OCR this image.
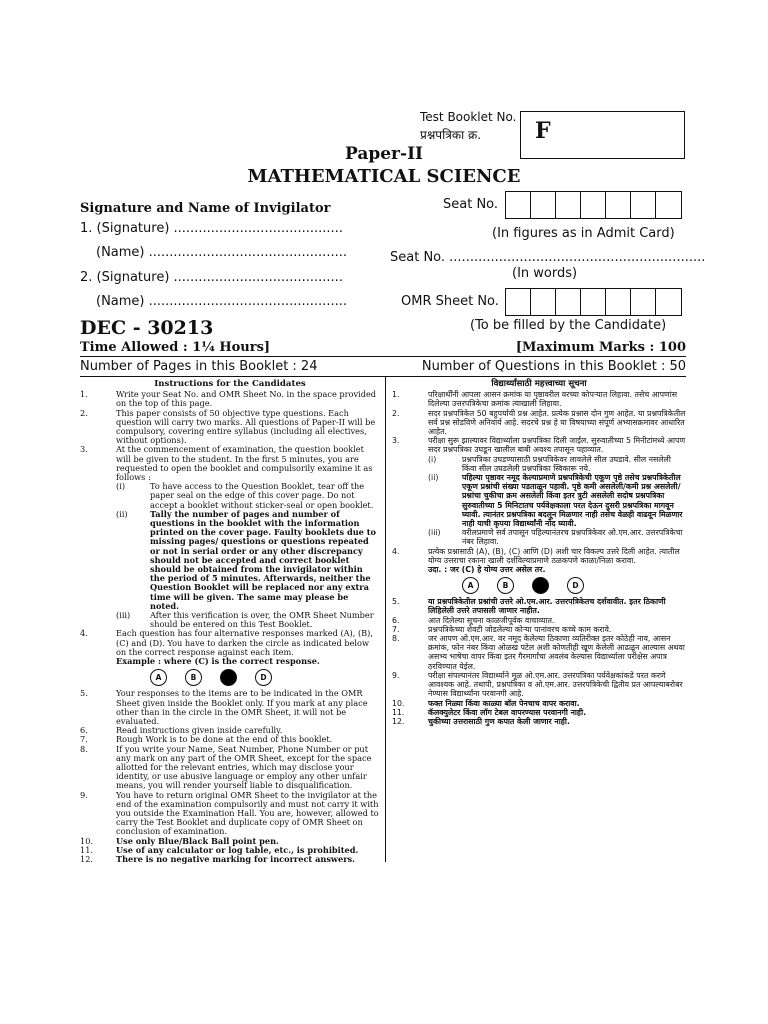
Test Booklet No.
प्रश्नपत्रिका क्र.	F
Paper-II
MATHEMATICAL SCIENCE
Signature and Name of Invigilator
1. (Signature) .........................................
(Name) ................................................
2. (Signature) .........................................
(Name) ................................................
Seat No.
(In figures as in Admit Card)
Seat No. ..............................................................
(In words)
OMR Sheet No.
(To be filled by the Candidate)
DEC - 30213
Time Allowed : 1¼ Hours]	[Maximum Marks : 100
Number of Pages in this Booklet : 24	Number of Questions in this Booklet : 50
Instructions for the Candidates
1.	Write your Seat No. and OMR Sheet No. in the space provided on the top of this page.
2.	This paper consists of 50 objective type questions. Each question will carry two marks. All questions of Paper-II will be compulsory, covering entire syllabus (including all electives, without options).
3.	At the commencement of examination, the question booklet will be given to the student. In the first 5 minutes, you are requested to open the booklet and compulsorily examine it as follows :
(i)	To have access to the Question Booklet, tear off the paper seal on the edge of this cover page. Do not accept a booklet without sticker-seal or open booklet.
(ii)	Tally the number of pages and number of questions in the booklet with the information printed on the cover page. Faulty booklets due to missing pages/ questions or questions repeated or not in serial order or any other discrepancy should not be accepted and correct booklet should be obtained from the invigilator within the period of 5 minutes. Afterwards, neither the Question Booklet will be replaced nor any extra time will be given. The same may please be noted.
(iii)	After this verification is over, the OMR Sheet Number should be entered on this Test Booklet.
4.	Each question has four alternative responses marked (A), (B), (C) and (D). You have to darken the circle as indicated below on the correct response against each item.
Example : where (C) is the correct response.
A	B	C	D
5.	Your responses to the items are to be indicated in the OMR Sheet given inside the Booklet only. If you mark at any place other than in the circle in the OMR Sheet, it will not be evaluated.
6.	Read instructions given inside carefully.
7.	Rough Work is to be done at the end of this booklet.
8.	If you write your Name, Seat Number, Phone Number or put any mark on any part of the OMR Sheet, except for the space allotted for the relevant entries, which may disclose your identity, or use abusive language or employ any other unfair means, you will render yourself liable to disqualification.
9.	You have to return original OMR Sheet to the invigilator at the end of the examination compulsorily and must not carry it with you outside the Examination Hall. You are, however, allowed to carry the Test Booklet and duplicate copy of OMR Sheet on conclusion of examination.
10.	Use only Blue/Black Ball point pen.
11.	Use of any calculator or log table, etc., is prohibited.
12.	There is no negative marking for incorrect answers.
विद्यार्थ्यांसाठी महत्त्वाच्या सूचना
1.	परिक्षार्थींनी आपला आसन क्रमांक या पृष्ठावरील वरच्या कोपऱ्यात लिहावा. तसेच आपणांस दिलेल्या उत्तरपत्रिकेचा क्रमांक त्याखाली लिहावा.
2.	सदर प्रश्नपत्रिकेत 50 बहुपर्यायी प्रश्न आहेत. प्रत्येक प्रश्नास दोन गुण आहेत. या प्रश्नपत्रिकेतील सर्व प्रश्न सोडविणे अनिवार्य आहे. सदरचे प्रश्न हे या विषयाच्या संपूर्ण अभ्यासक्रमावर आधारित आहेत.
3.	परीक्षा सुरू झाल्यावर विद्यार्थ्याला प्रश्नपत्रिका दिली जाईल. सुरुवातीच्या 5 मिनीटांमध्ये आपण सदर प्रश्नपत्रिका उघडून खालील बाबी अवश्य तपासून पहाव्यात.
(i)	प्रश्नपत्रिका उघडण्यासाठी प्रश्नपत्रिकेवर लावलेले सील उघडावे. सील नसलेली किंवा सील उघडलेली प्रश्नपत्रिका स्विकारू नये.
(ii)	पहिल्या पृष्ठावर नमूद केल्याप्रमाणे प्रश्नपत्रिकेची एकूण पृष्ठे तसेच प्रश्नपत्रिकेतील एकूण प्रश्नांची संख्या पडताळून पहावी. पृष्ठे कमी असलेली/कमी प्रश्न असलेली/प्रश्नांचा चुकीचा क्रम असलेली किंवा इतर त्रुटी असलेली सदोष प्रश्नपत्रिका सुरुवातीच्या 5 मिनिटातच पर्यवेक्षकाला परत देऊन दुसरी प्रश्नपत्रिका मागवून घ्यावी. त्यानंतर प्रश्नपत्रिका बदलून मिळणार नाही तसेच वेळही वाढवून मिळणार नाही याची कृपया विद्यार्थ्यांनी नोंद घ्यावी.
(iii)	वरीलप्रमाणे सर्व तपासून पहिल्यानंतरच प्रश्नपत्रिकेवर ओ.एम.आर. उत्तरपत्रिकेचा नंबर लिहावा.
4.	प्रत्येक प्रश्नासाठी (A), (B), (C) आणि (D) अशी चार विकल्प उत्तरे दिली आहेत. त्यातील योग्य उत्तराचा रकाना खाली दर्शविल्याप्रमाणे ठळकपणे काळा/निळा करावा.
उदा. : जर (C) हे योग्य उत्तर असेल तर.
A	B	C	D
5.	या प्रश्नपत्रिकेतील प्रश्नांची उत्तरे ओ.एम.आर. उत्तरपत्रिकेतच दर्शवावीत. इतर ठिकाणी लिहिलेली उत्तरे तपासली जाणार नाहीत.
6.	आत दिलेल्या सूचना काळजीपूर्वक वाचाव्यात.
7.	प्रश्नपत्रिकेच्या शेवटी जोडलेल्या कोऱ्या पानांवरच कच्चे काम करावे.
8.	जर आपण ओ.एम.आर. वर नमूद केलेल्या ठिकाणा व्यतिरीक्त इतर कोठेही नाव, आसन क्रमांक, फोन नंबर किंवा ओळख पटेल अशी कोणतीही खूण केलेली आढळून आल्यास अथवा असभ्य भाषेचा वापर किंवा इतर गैरमार्गांचा अवलंब केल्यास विद्यार्थ्याला परीक्षेस अपात्र ठरविण्यात येईल.
9.	परीक्षा संपल्यानंतर विद्यार्थ्याने मूळ ओ.एम.आर. उत्तरपत्रिका पर्यवेक्षकांकडे परत करणे आवश्यक आहे. तथापी, प्रश्नपत्रिका व ओ.एम.आर. उत्तरपत्रिकेची द्वितीय प्रत आपल्याबरोबर नेण्यास विद्यार्थ्यांना परवानगी आहे.
10.	फक्त निळ्या किंवा काळ्या बॉल पेनचाच वापर करावा.
11.	कॅलक्युलेटर किंवा लॉग टेबल वापरण्यास परवानगी नाही.
12.	चुकीच्या उत्तरासाठी गुण कपात केली जाणार नाही.
